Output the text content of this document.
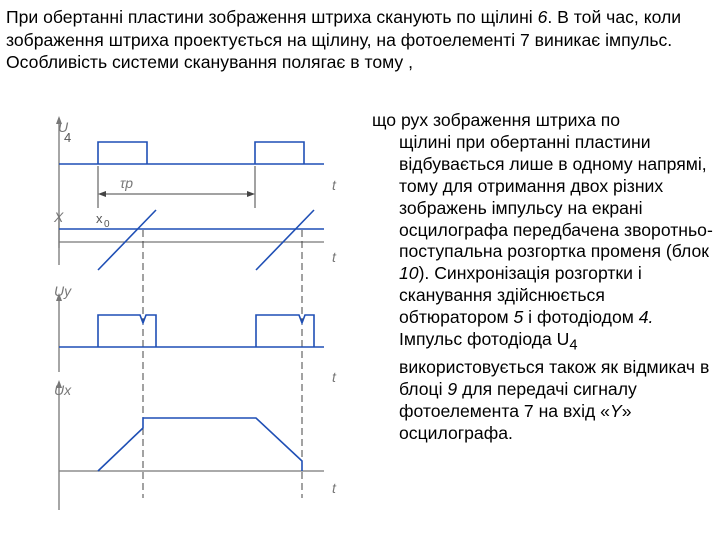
При обертанні пластини зображення штриха сканують по щілині 6. В той час, коли зображення штриха проектується на щілину, на фотоелементі 7 виникає імпульс. Особливість системи сканування полягає в тому ,

що рух зображення штриха по
щілині при обертанні пластини відбувається лише в одному напрямі, тому для отримання двох різних зображень імпульсу на екрані осцилографа передбачена зворотньо-поступальна розгортка променя (блок 10). Синхронізація розгортки і сканування здійснюється обтюратором 5 і фотодіодом 4. Імпульс фотодіода $U_4$ використовується також як відмикач в блоці 9 для передачі сигналу фотоелемента 7 на вхід «Y» осцилографа.
U
4
τр	t
X	x 0
t
Uу
t
Ux
t
